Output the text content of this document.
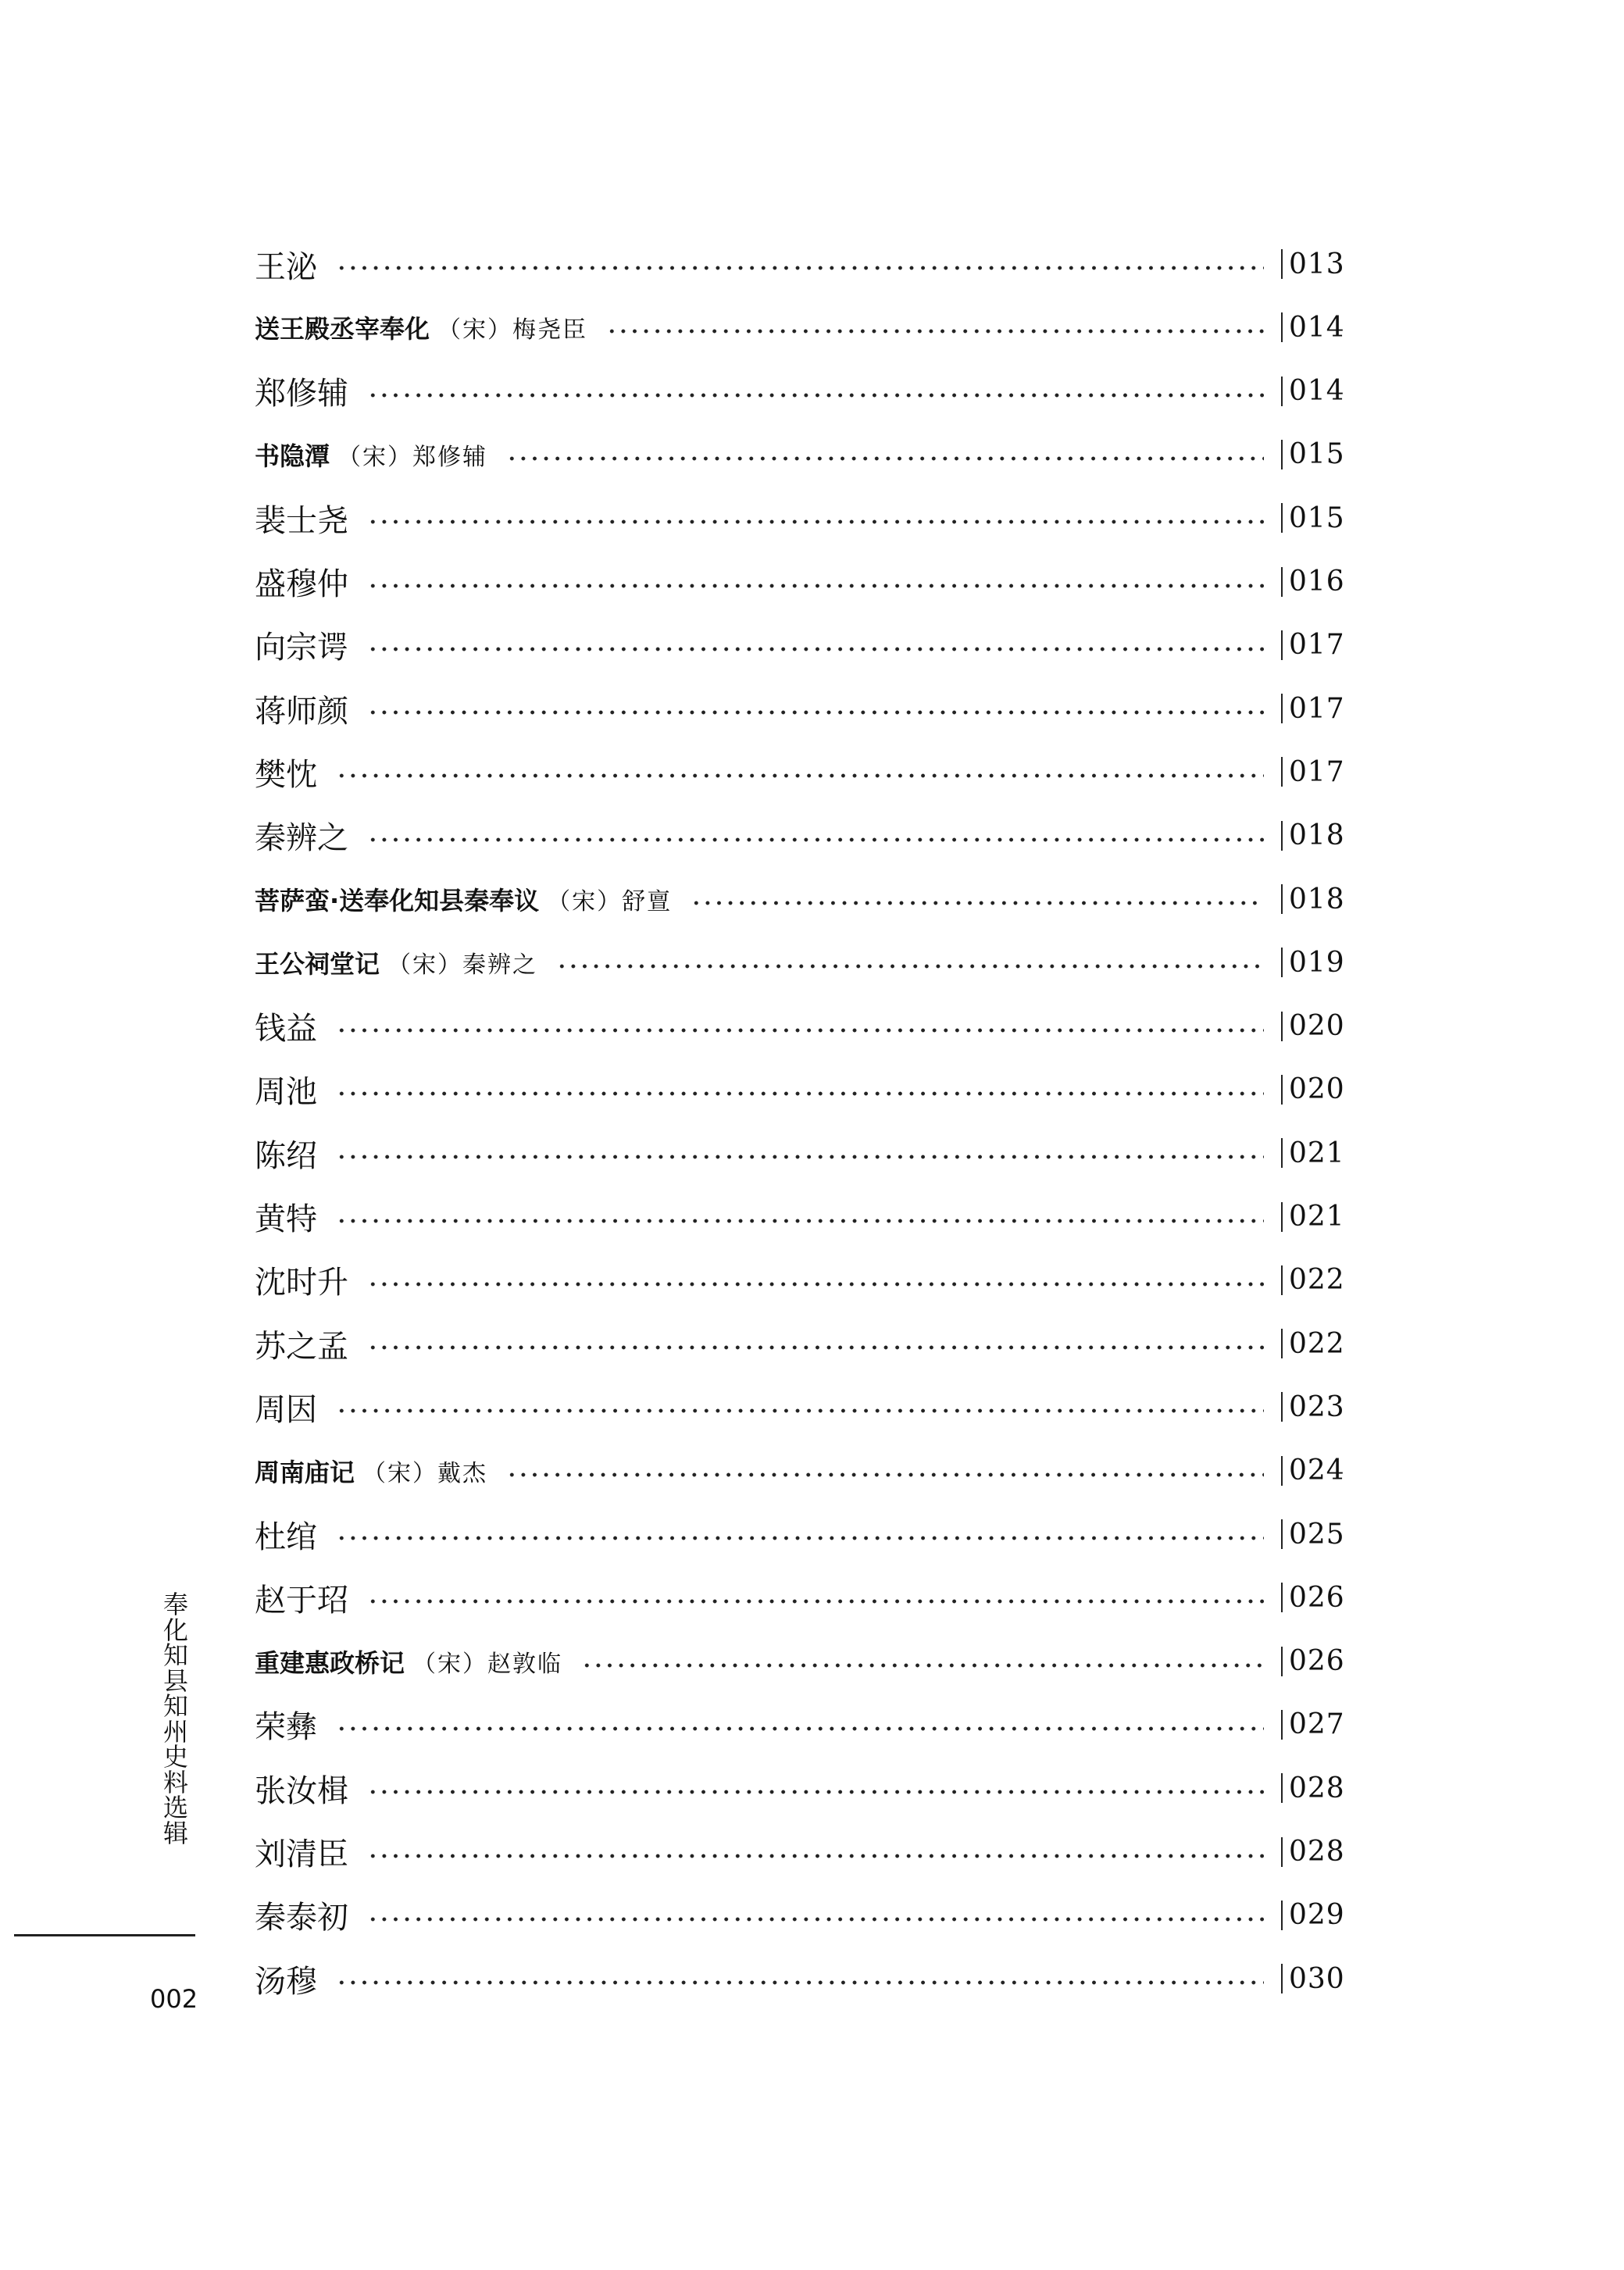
王泌	013
送王殿丞宰奉化 （宋）梅尧臣	014
郑修辅	014
书隐潭 （宋）郑修辅	015
裴士尧	015
盛穆仲	016
向宗谔	017
蒋师颜	017
樊忱	017
秦辨之	018
菩萨蛮·送奉化知县秦奉议 （宋）舒亶	018
王公祠堂记 （宋）秦辨之	019
钱益	020
周池	020
陈绍	021
黄特	021
沈时升	022
苏之孟	022
周因	023
周南庙记 （宋）戴杰	024
杜绾	025
赵于玿	026
重建惠政桥记 （宋）赵敦临	026
荣彝	027
张汝楫	028
刘清臣	028
秦泰初	029
汤穆	030
奉
化
知
县
知
州
史
料
选
辑
002
